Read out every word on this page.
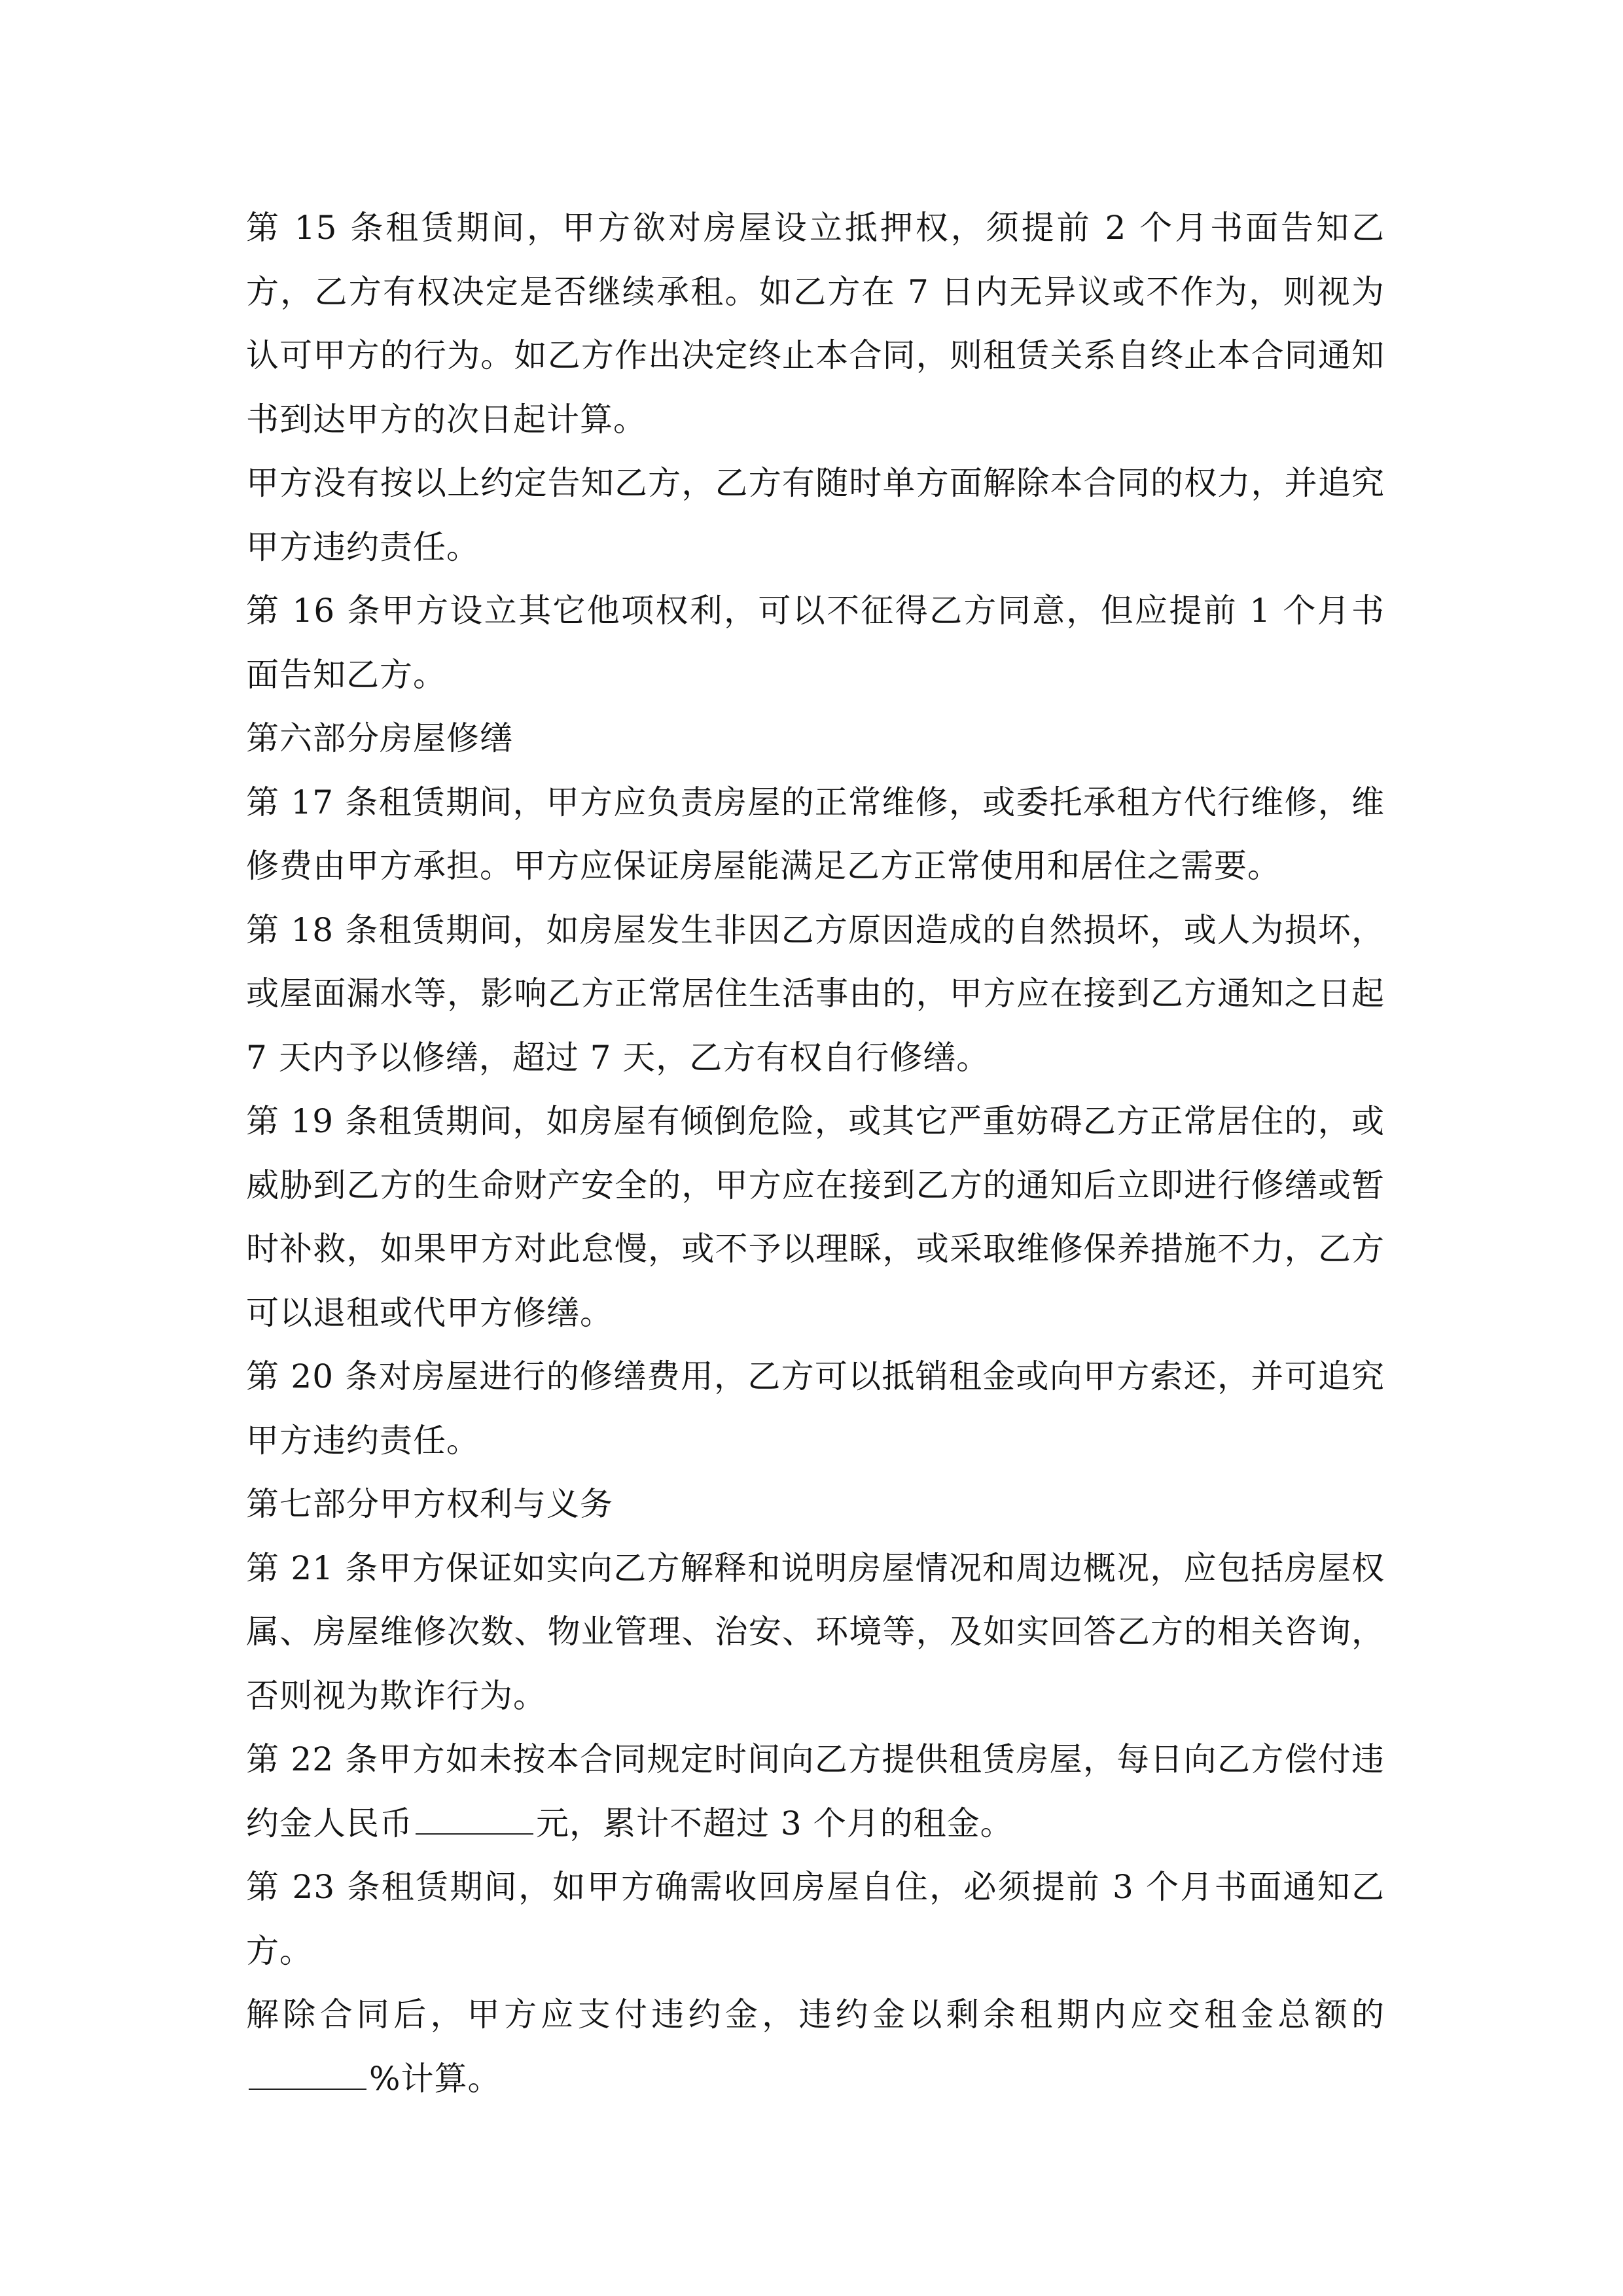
第 15 条租赁期间，甲方欲对房屋设立抵押权，须提前 2 个月书面告知乙方，乙方有权决定是否继续承租。如乙方在 7 日内无异议或不作为，则视为认可甲方的行为。如乙方作出决定终止本合同，则租赁关系自终止本合同通知书到达甲方的次日起计算。

甲方没有按以上约定告知乙方，乙方有随时单方面解除本合同的权力，并追究甲方违约责任。

第 16 条甲方设立其它他项权利，可以不征得乙方同意，但应提前 1 个月书面告知乙方。

第六部分房屋修缮

第 17 条租赁期间，甲方应负责房屋的正常维修，或委托承租方代行维修，维修费由甲方承担。甲方应保证房屋能满足乙方正常使用和居住之需要。

第 18 条租赁期间，如房屋发生非因乙方原因造成的自然损坏，或人为损坏，或屋面漏水等，影响乙方正常居住生活事由的，甲方应在接到乙方通知之日起 7 天内予以修缮，超过 7 天，乙方有权自行修缮。

第 19 条租赁期间，如房屋有倾倒危险，或其它严重妨碍乙方正常居住的，或威胁到乙方的生命财产安全的，甲方应在接到乙方的通知后立即进行修缮或暂时补救，如果甲方对此怠慢，或不予以理睬，或采取维修保养措施不力，乙方可以退租或代甲方修缮。

第 20 条对房屋进行的修缮费用，乙方可以抵销租金或向甲方索还，并可追究甲方违约责任。

第七部分甲方权利与义务

第 21 条甲方保证如实向乙方解释和说明房屋情况和周边概况，应包括房屋权属、房屋维修次数、物业管理、治安、环境等，及如实回答乙方的相关咨询，否则视为欺诈行为。

第 22 条甲方如未按本合同规定时间向乙方提供租赁房屋，每日向乙方偿付违约金人民币	元，累计不超过 3 个月的租金。

第 23 条租赁期间，如甲方确需收回房屋自住，必须提前 3 个月书面通知乙方。

解除合同后，甲方应支付违约金，违约金以剩余租期内应交租金总额的%计算。
